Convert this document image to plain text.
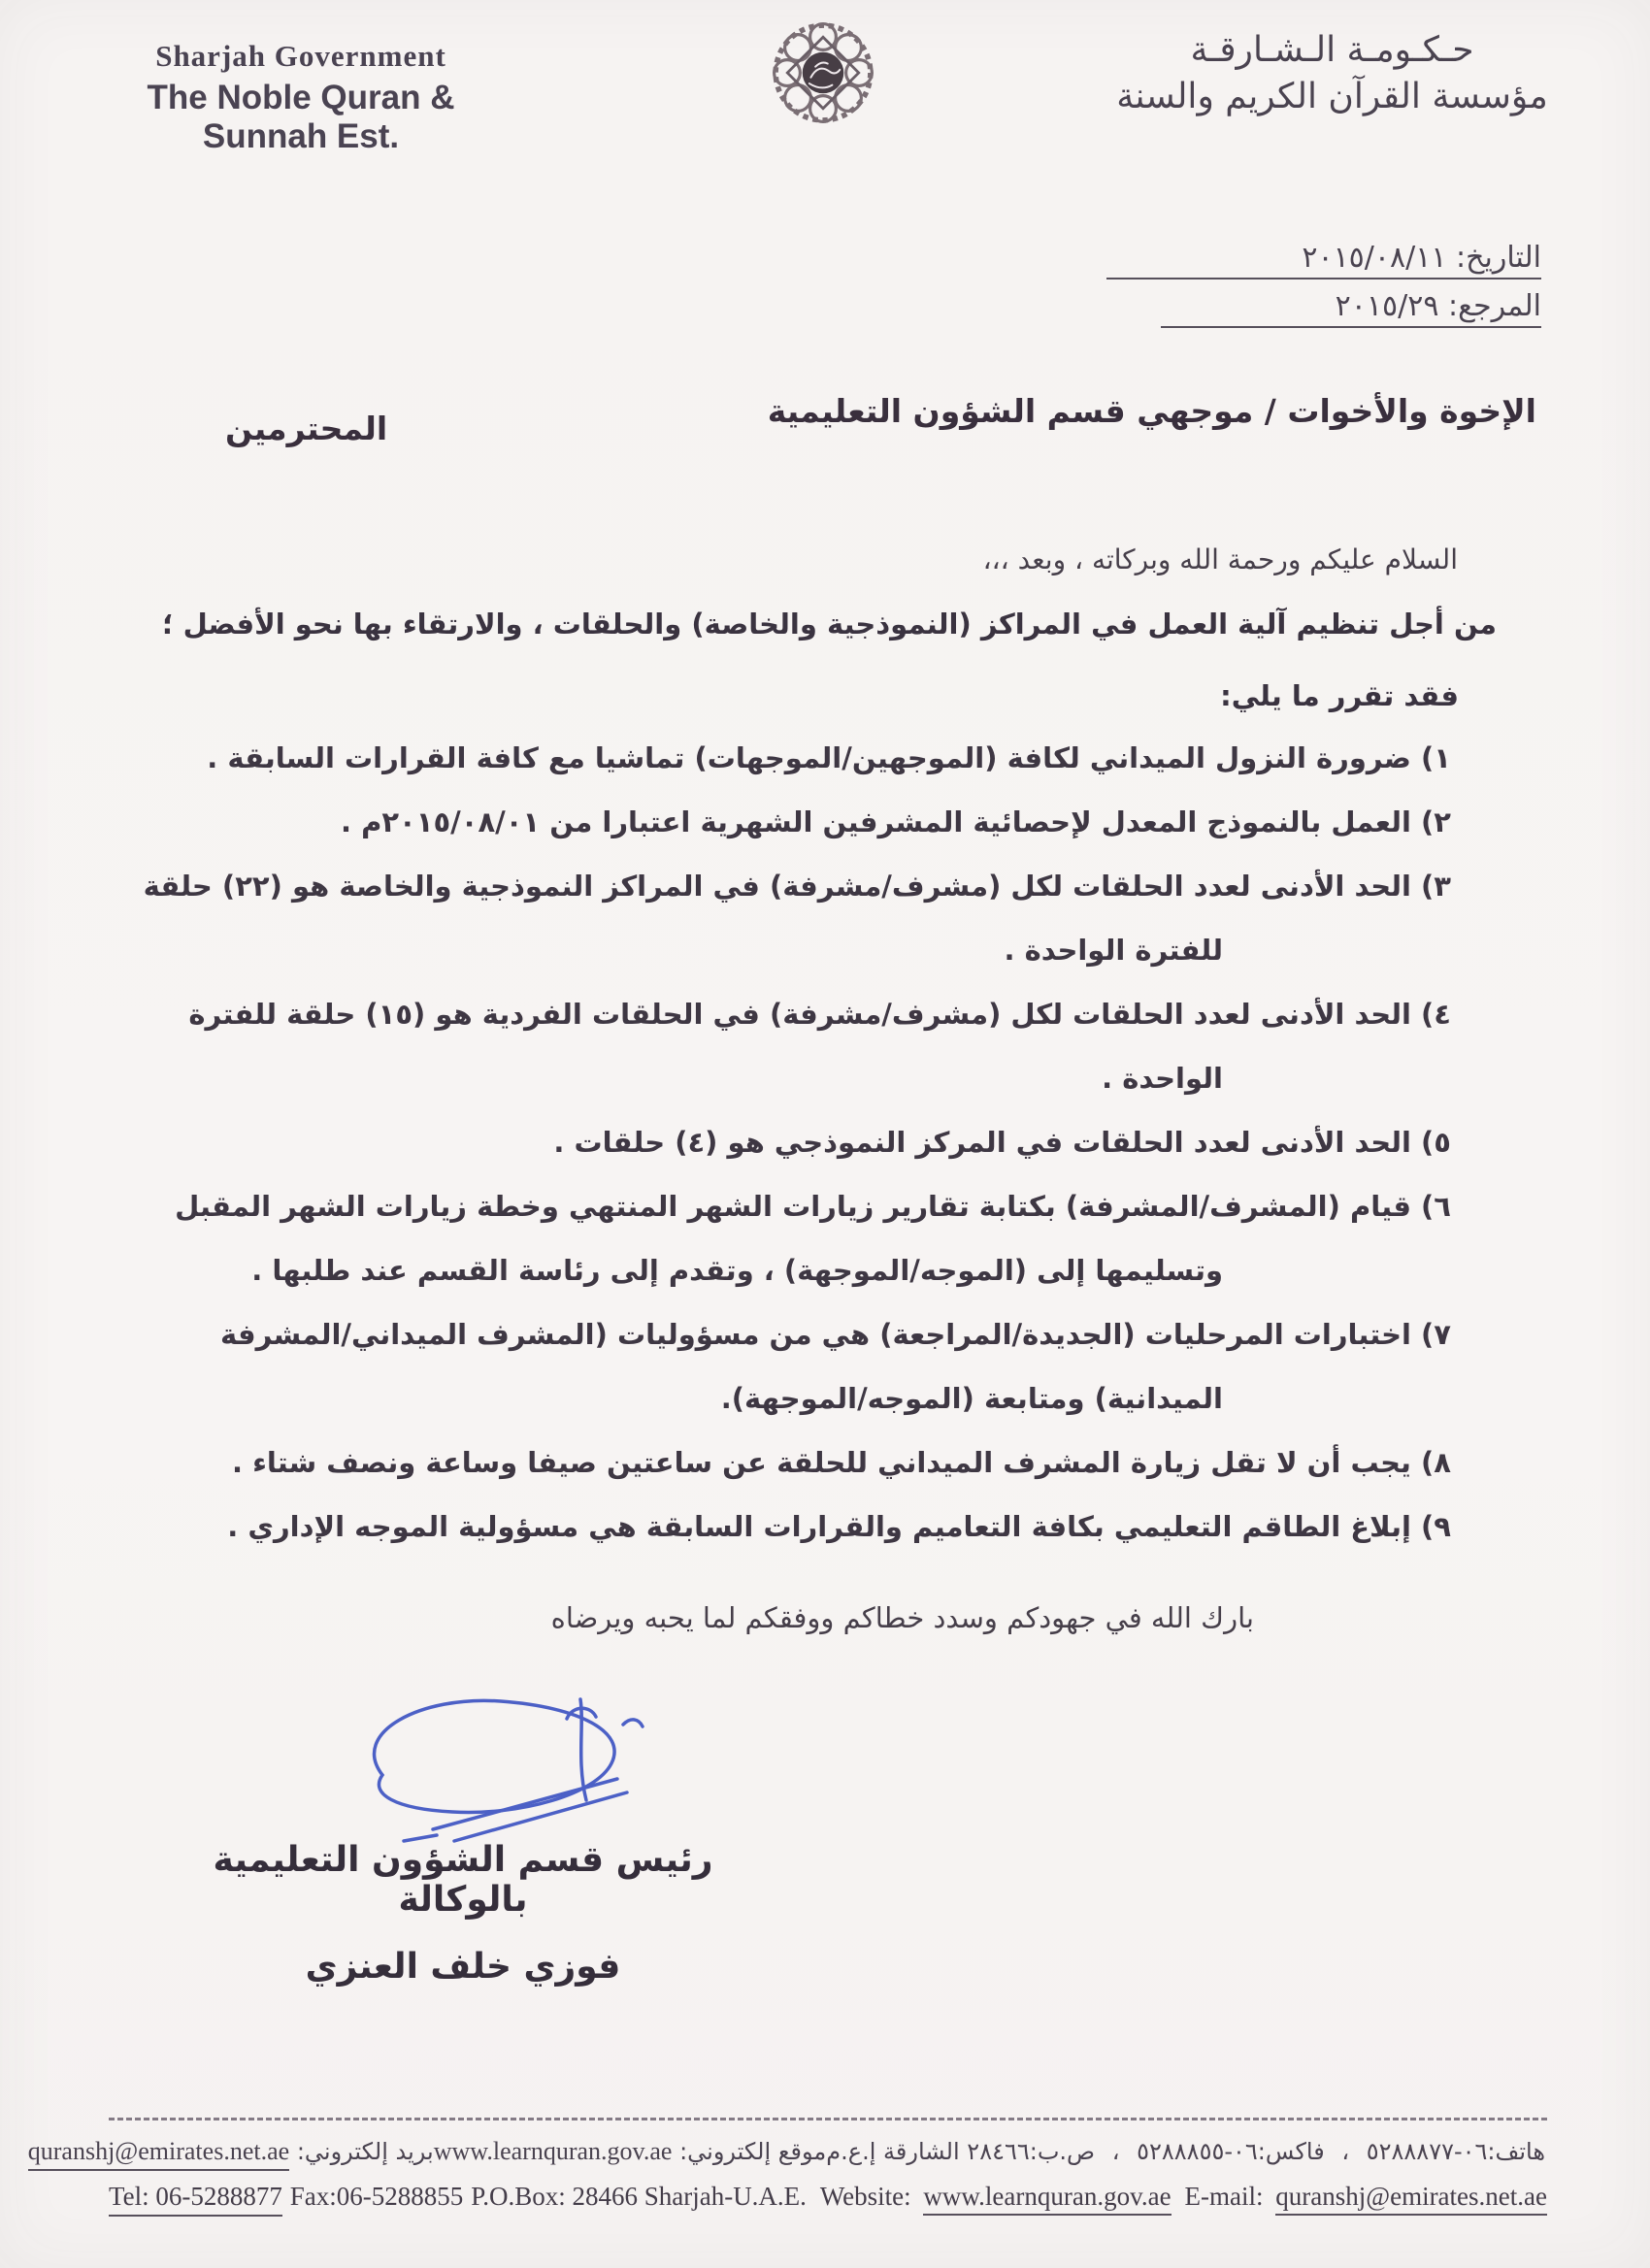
Sharjah Government
The Noble Quran & Sunnah Est.
حـكـومـة الـشـارقـة
مؤسسة القرآن الكريم والسنة
التاريخ: ٢٠١٥/٠٨/١١
المرجع: ٢٠١٥/٢٩
الإخوة والأخوات / موجهي قسم الشؤون التعليمية
المحترمين
السلام عليكم ورحمة الله وبركاته ، وبعد ،،،
من أجل تنظيم آلية العمل في المراكز (النموذجية والخاصة) والحلقات ، والارتقاء بها نحو الأفضل ؛
فقد تقرر ما يلي:
١) ضرورة النزول الميداني لكافة (الموجهين/الموجهات) تماشيا مع كافة القرارات السابقة .
٢) العمل بالنموذج المعدل لإحصائية المشرفين الشهرية اعتبارا من ٢٠١٥/٠٨/٠١م .
٣) الحد الأدنى لعدد الحلقات لكل (مشرف/مشرفة) في المراكز النموذجية والخاصة هو (٢٢) حلقة للفترة الواحدة .
٤) الحد الأدنى لعدد الحلقات لكل (مشرف/مشرفة) في الحلقات الفردية هو (١٥) حلقة للفترة الواحدة .
٥) الحد الأدنى لعدد الحلقات في المركز النموذجي هو (٤) حلقات .
٦) قيام (المشرف/المشرفة) بكتابة تقارير زيارات الشهر المنتهي وخطة زيارات الشهر المقبل وتسليمها إلى (الموجه/الموجهة) ، وتقدم إلى رئاسة القسم عند طلبها .
٧) اختبارات المرحليات (الجديدة/المراجعة) هي من مسؤوليات (المشرف الميداني/المشرفة الميدانية) ومتابعة (الموجه/الموجهة).
٨) يجب أن لا تقل زيارة المشرف الميداني للحلقة عن ساعتين صيفا وساعة ونصف شتاء .
٩) إبلاغ الطاقم التعليمي بكافة التعاميم والقرارات السابقة هي مسؤولية الموجه الإداري .
بارك الله في جهودكم وسدد خطاكم ووفقكم لما يحبه ويرضاه
رئيس قسم الشؤون التعليمية بالوكالة
فوزي خلف العنزي
هاتف:٠٦-٥٢٨٨٨٧٧ ، فاكس:٠٦-٥٢٨٨٨٥٥ ، ص.ب:٢٨٤٦٦ الشارقة إ.ع.م
موقع إلكتروني: www.learnquran.gov.ae
بريد إلكتروني: quranshj@emirates.net.ae
Tel: 06-5288877 Fax:06-5288855 P.O.Box: 28466 Sharjah-U.A.E. Website: www.learnquran.gov.ae E-mail: quranshj@emirates.net.ae
